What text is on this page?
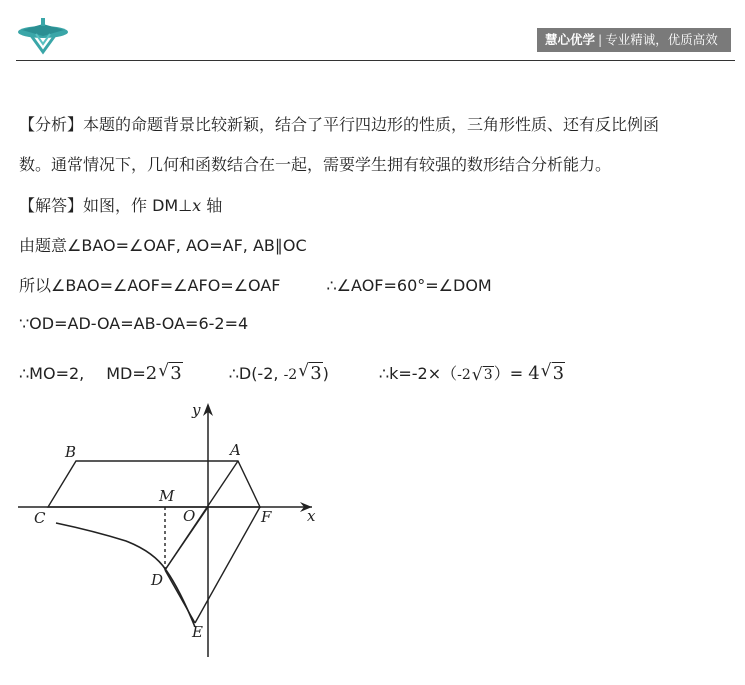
慧心优学 | 专业精诚，优质高效
【分析】本题的命题背景比较新颖，结合了平行四边形的性质，三角形性质、还有反比例函
数。通常情况下，几何和函数结合在一起，需要学生拥有较强的数形结合分析能力。
【解答】如图，作 DM⊥x 轴
由题意∠BAO=∠OAF, AO=AF, AB∥OC
所以∠BAO=∠AOF=∠AFO=∠OAF	∴∠AOF=60°=∠DOM
∵OD=AD-OA=AB-OA=6-2=4
∴MO=2, MD=2 √ 3	∴D(-2, -2 √ 3)	∴k=-2×（-2 √ 3）= 4 √ 3
y
x
A
B
C
M
O	F
D
E
